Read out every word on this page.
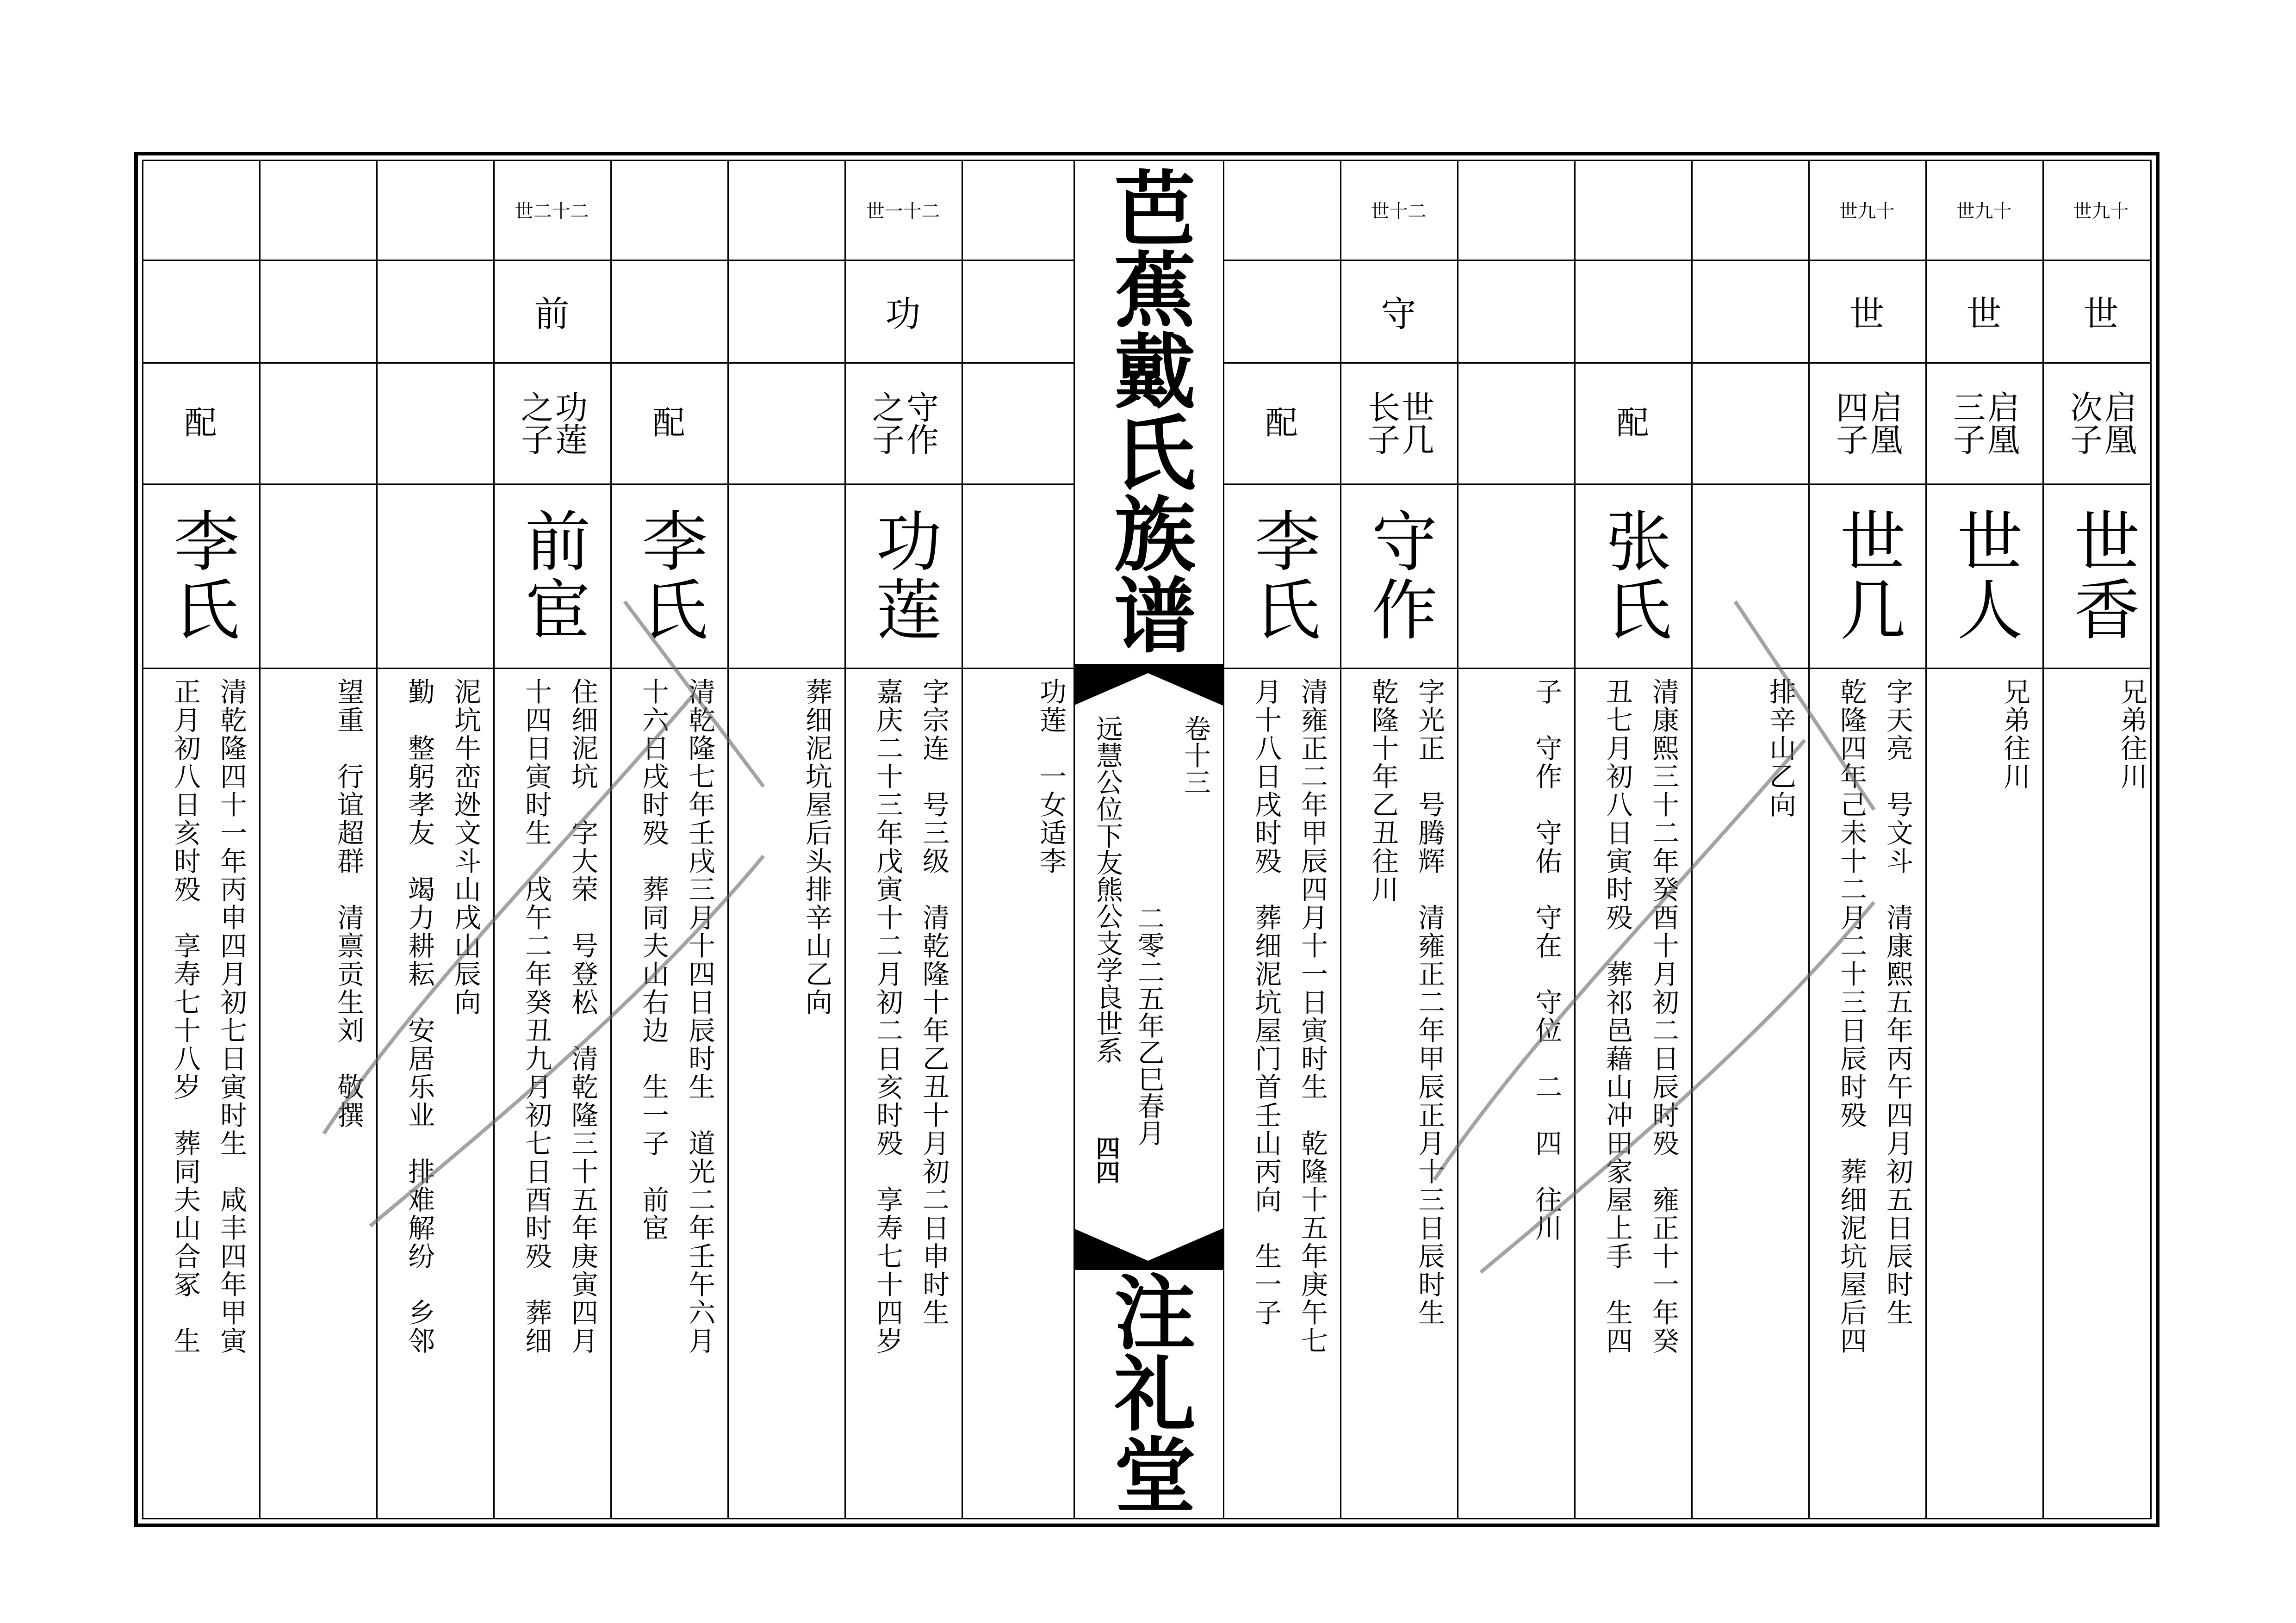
配
李氏
清乾隆四十一年丙申四月初七日寅时生　咸丰四年甲寅
正月初八日亥时殁　享寿七十八岁　葬同夫山合冢　生
望重　行谊超群　清禀贡生刘　敬撰	泥坑牛峦迯文斗山戌山辰向
勤　整躬孝友　竭力耕耘　安居乐业　排难解纷　乡邻
世二十二
前
之子
功莲
前宦
住细泥坑　字大荣　号登松　清乾隆三十五年庚寅四月
十四日寅时生　戌午二年癸丑九月初七日酉时殁　葬细
配
李氏
清乾隆七年壬戌三月十四日辰时生　道光二年壬午六月
十六日戌时殁　葬同夫山右边　生一子　前宦
葬细泥坑屋后头排辛山乙向
世一十二
功
之子
守作
功莲
字宗连　号三级　清乾隆十年乙丑十月初二日申时生
嘉庆二十三年戊寅十二月初二日亥时殁　享寿七十四岁
功莲　一女适李
配
李氏
清雍正二年甲辰四月十一日寅时生　乾隆十五年庚午七
月十八日戌时殁　葬细泥坑屋门首壬山丙向　生一子
世十二
守
长子
世几
守作
字光正　号腾辉　清雍正二年甲辰正月十三日辰时生
乾隆十年乙丑往川	子　守作　守佑　守在　守位　二　四　往川
配
张氏
清康熙三十二年癸酉十月初二日辰时殁　雍正十一年癸
丑七月初八日寅时殁　葬祁邑藉山冲田家屋上手　生四
排辛山乙向
世九十
世
四子
启凰
世几
字天亮　号文斗　清康熙五年丙午四月初五日辰时生
乾隆四年己未十二月二十三日辰时殁　葬细泥坑屋后四
世九十
世
三子
启凰
世人
兄弟往川
世九十
世
次子
启凰
世香
兄弟往川
芭蕉戴氏族谱
卷十三
远慧公位下友熊公支学良世系 二零二五年乙巳春月
四四
注礼堂
